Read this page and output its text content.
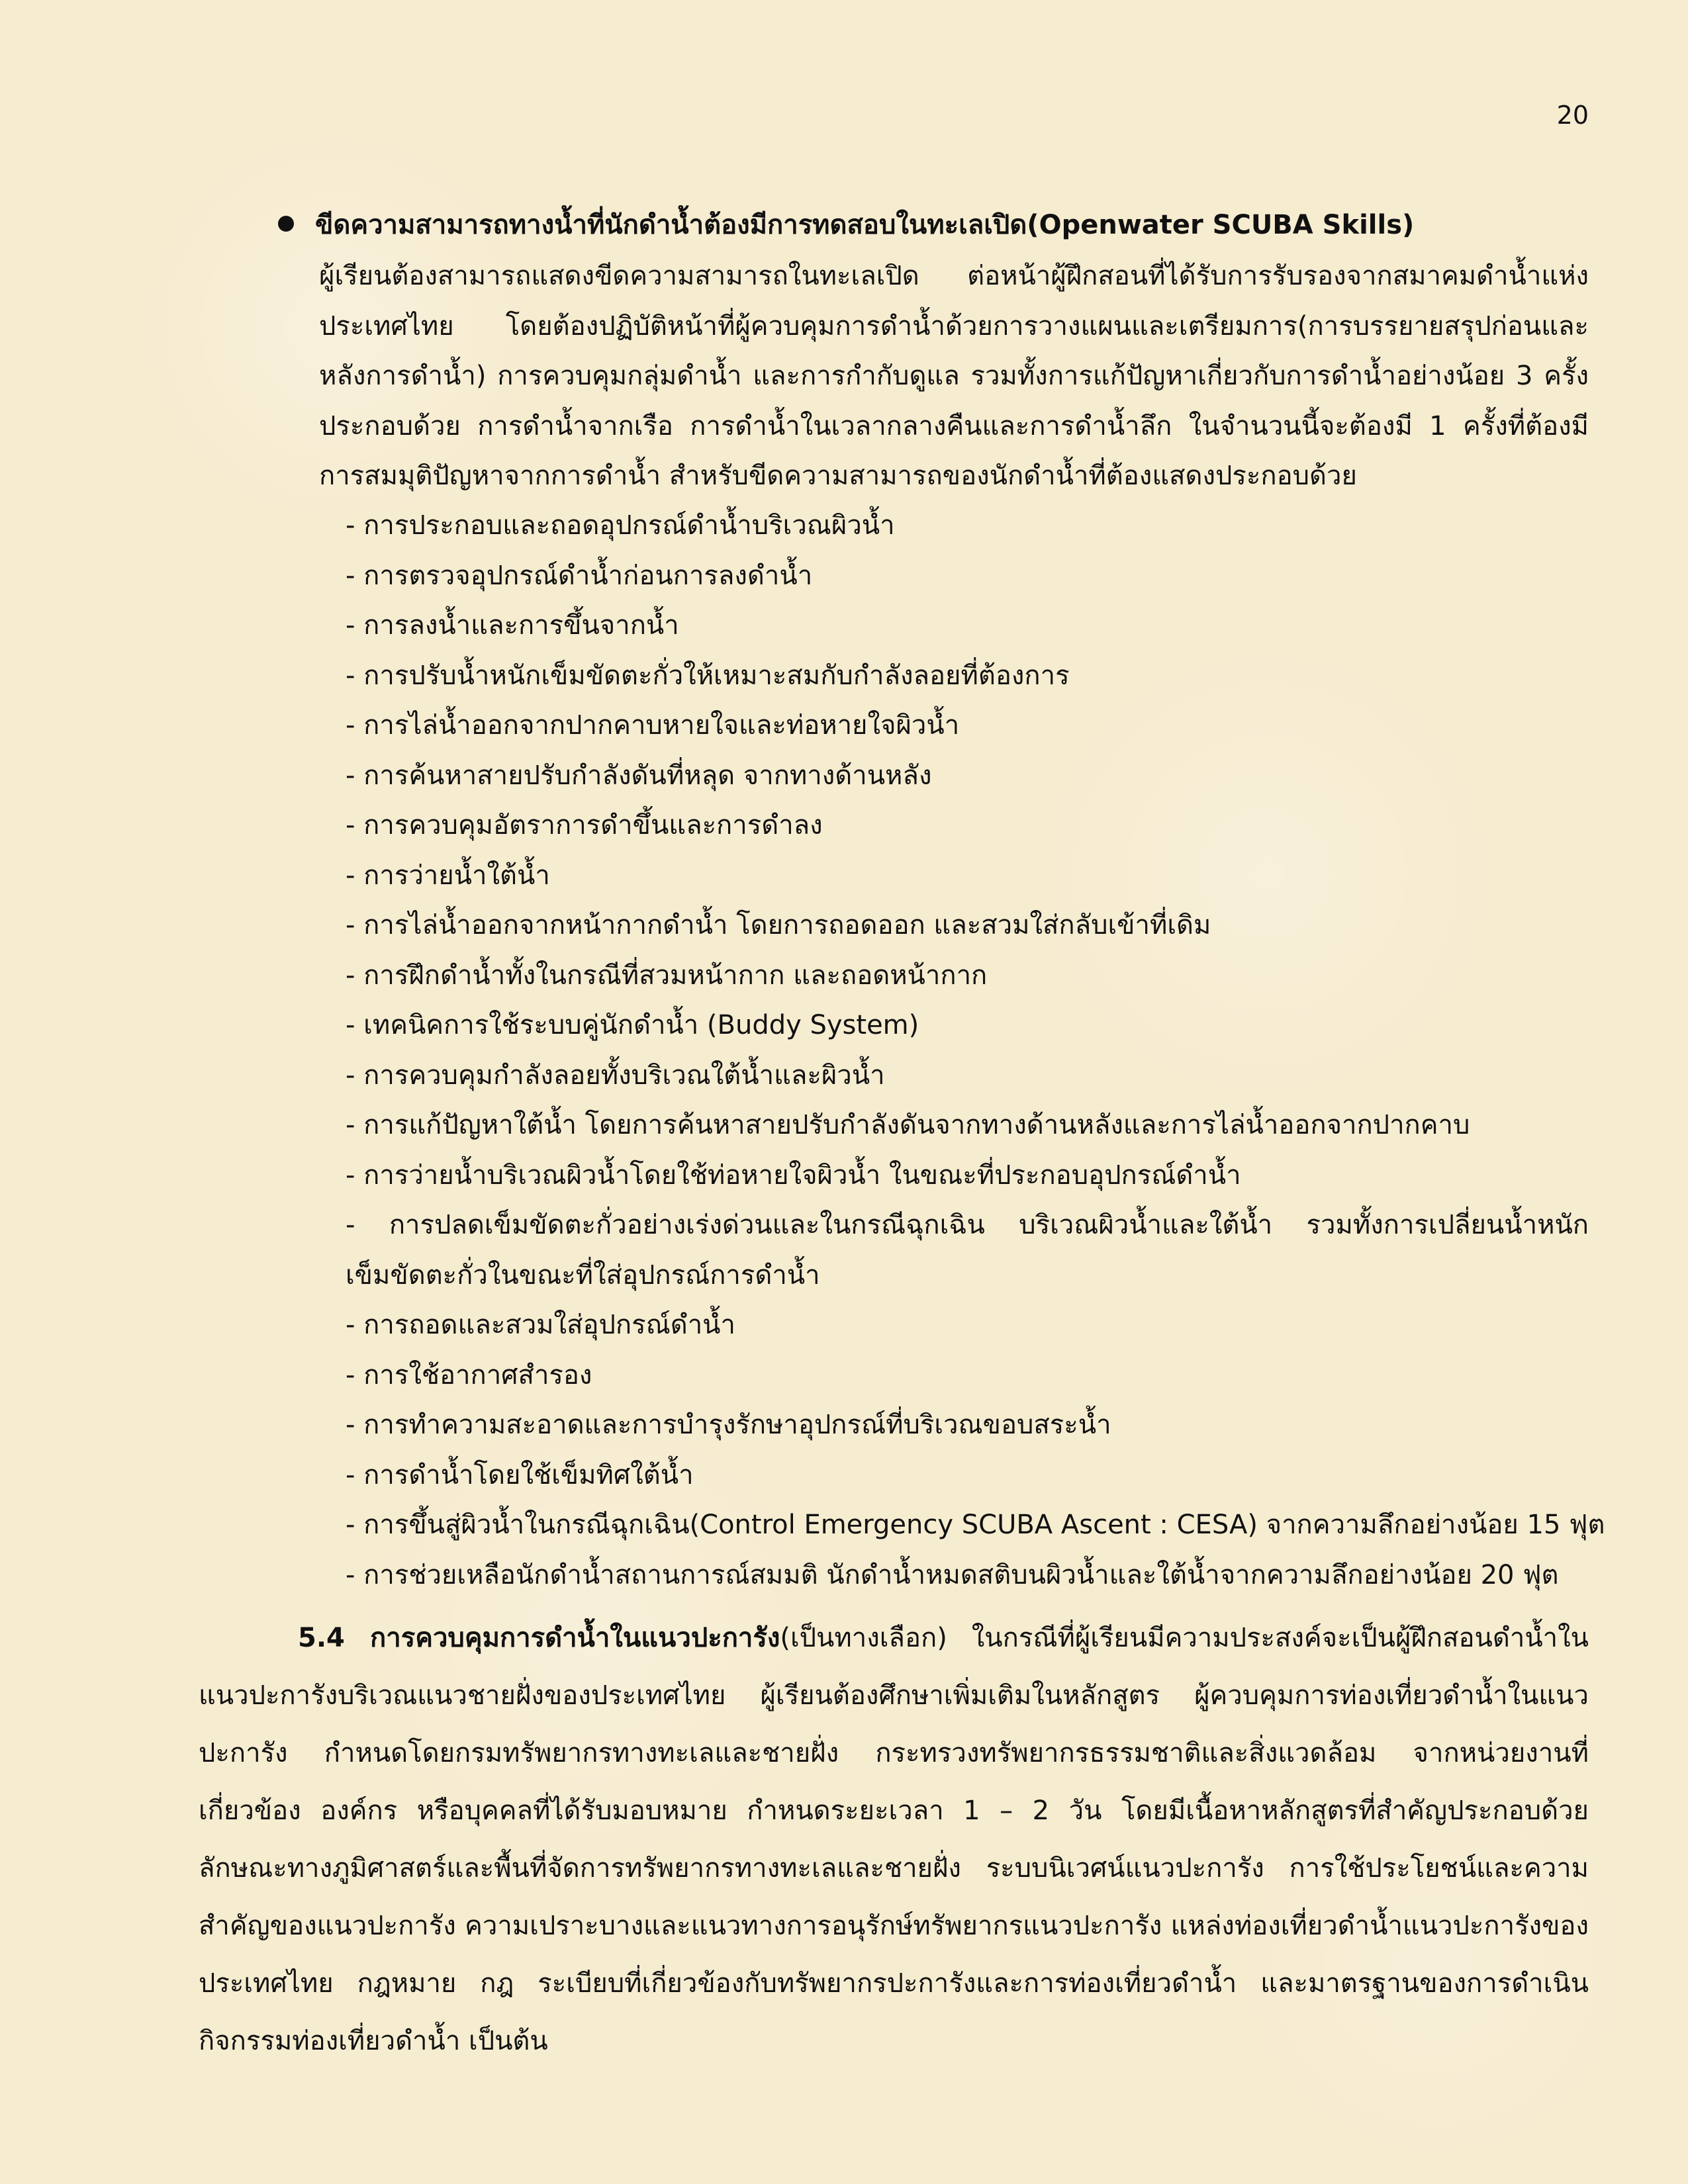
20
ขีดความสามารถทางน้ำที่นักดำน้ำต้องมีการทดสอบในทะเลเปิด(Openwater SCUBA Skills)

ผู้เรียนต้องสามารถแสดงขีดความสามารถในทะเลเปิด ต่อหน้าผู้ฝึกสอนที่ได้รับการรับรองจากสมาคมดำน้ำแห่งประเทศไทย โดยต้องปฏิบัติหน้าที่ผู้ควบคุมการดำน้ำด้วยการวางแผนและเตรียมการ(การบรรยายสรุปก่อนและหลังการดำน้ำ) การควบคุมกลุ่มดำน้ำ และการกำกับดูแล รวมทั้งการแก้ปัญหาเกี่ยวกับการดำน้ำอย่างน้อย 3 ครั้ง ประกอบด้วย การดำน้ำจากเรือ การดำน้ำในเวลากลางคืนและการดำน้ำลึก ในจำนวนนี้จะต้องมี 1 ครั้งที่ต้องมีการสมมุติปัญหาจากการดำน้ำ สำหรับขีดความสามารถของนักดำน้ำที่ต้องแสดงประกอบด้วย

- การประกอบและถอดอุปกรณ์ดำน้ำบริเวณผิวน้ำ
- การตรวจอุปกรณ์ดำน้ำก่อนการลงดำน้ำ
- การลงน้ำและการขึ้นจากน้ำ
- การปรับน้ำหนักเข็มขัดตะกั่วให้เหมาะสมกับกำลังลอยที่ต้องการ
- การไล่น้ำออกจากปากคาบหายใจและท่อหายใจผิวน้ำ
- การค้นหาสายปรับกำลังดันที่หลุด จากทางด้านหลัง
- การควบคุมอัตราการดำขึ้นและการดำลง
- การว่ายน้ำใต้น้ำ
- การไล่น้ำออกจากหน้ากากดำน้ำ โดยการถอดออก และสวมใส่กลับเข้าที่เดิม
- การฝึกดำน้ำทั้งในกรณีที่สวมหน้ากาก และถอดหน้ากาก
- เทคนิคการใช้ระบบคู่นักดำน้ำ (Buddy System)
- การควบคุมกำลังลอยทั้งบริเวณใต้น้ำและผิวน้ำ
- การแก้ปัญหาใต้น้ำ โดยการค้นหาสายปรับกำลังดันจากทางด้านหลังและการไล่น้ำออกจากปากคาบ
- การว่ายน้ำบริเวณผิวน้ำโดยใช้ท่อหายใจผิวน้ำ ในขณะที่ประกอบอุปกรณ์ดำน้ำ
- การปลดเข็มขัดตะกั่วอย่างเร่งด่วนและในกรณีฉุกเฉิน บริเวณผิวน้ำและใต้น้ำ รวมทั้งการเปลี่ยนน้ำหนักเข็มขัดตะกั่วในขณะที่ใส่อุปกรณ์การดำน้ำ
- การถอดและสวมใส่อุปกรณ์ดำน้ำ
- การใช้อากาศสำรอง
- การทำความสะอาดและการบำรุงรักษาอุปกรณ์ที่บริเวณขอบสระน้ำ
- การดำน้ำโดยใช้เข็มทิศใต้น้ำ
- การขึ้นสู่ผิวน้ำในกรณีฉุกเฉิน(Control Emergency SCUBA Ascent : CESA) จากความลึกอย่างน้อย 15 ฟุต
- การช่วยเหลือนักดำน้ำสถานการณ์สมมติ นักดำน้ำหมดสติบนผิวน้ำและใต้น้ำจากความลึกอย่างน้อย 20 ฟุต

5.4 การควบคุมการดำน้ำในแนวปะการัง(เป็นทางเลือก) ในกรณีที่ผู้เรียนมีความประสงค์จะเป็นผู้ฝึกสอนดำน้ำในแนวปะการังบริเวณแนวชายฝั่งของประเทศไทย ผู้เรียนต้องศึกษาเพิ่มเติมในหลักสูตร ผู้ควบคุมการท่องเที่ยวดำน้ำในแนวปะการัง กำหนดโดยกรมทรัพยากรทางทะเลและชายฝั่ง กระทรวงทรัพยากรธรรมชาติและสิ่งแวดล้อม จากหน่วยงานที่เกี่ยวข้อง องค์กร หรือบุคคลที่ได้รับมอบหมาย กำหนดระยะเวลา 1 – 2 วัน โดยมีเนื้อหาหลักสูตรที่สำคัญประกอบด้วย ลักษณะทางภูมิศาสตร์และพื้นที่จัดการทรัพยากรทางทะเลและชายฝั่ง ระบบนิเวศน์แนวปะการัง การใช้ประโยชน์และความสำคัญของแนวปะการัง ความเปราะบางและแนวทางการอนุรักษ์ทรัพยากรแนวปะการัง แหล่งท่องเที่ยวดำน้ำแนวปะการังของประเทศไทย กฎหมาย กฎ ระเบียบที่เกี่ยวข้องกับทรัพยากรปะการังและการท่องเที่ยวดำน้ำ และมาตรฐานของการดำเนินกิจกรรมท่องเที่ยวดำน้ำ เป็นต้น
